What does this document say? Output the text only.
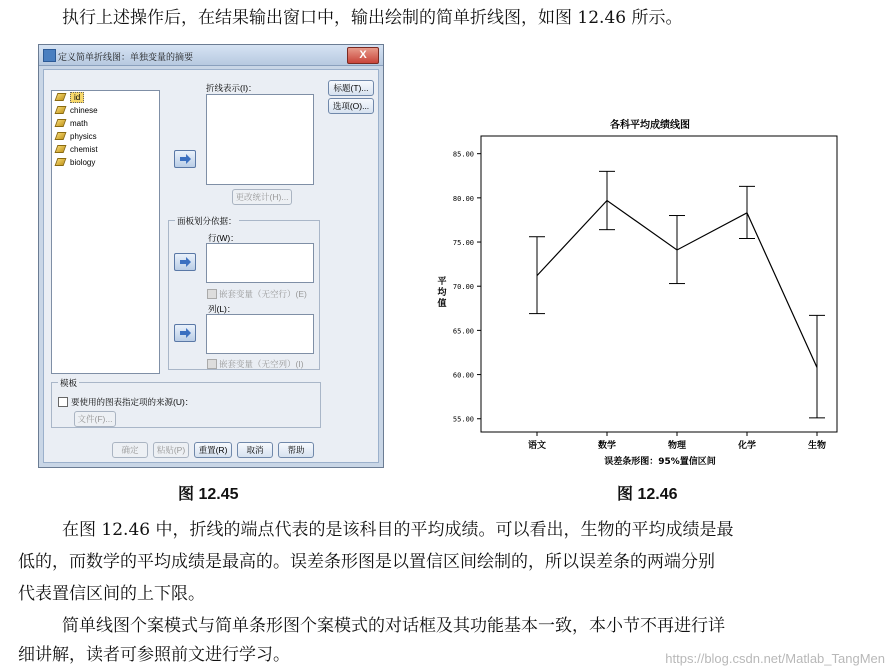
执行上述操作后，在结果输出窗口中，输出绘制的简单折线图，如图 12.46 所示。
定义简单折线图：单独变量的摘要	X
id
chinese
math
physics
chemist
biology
折线表示(I)：
更改统计(H)...
标题(T)...
选项(O)...
面板划分依据：
行(W)：
嵌套变量（无空行）(E)
列(L)：
嵌套变量（无空列）(I)
模板
要使用的图表指定项的来源(U)：
文件(F)...
确定	粘贴(P)	重置(R)	取消	帮助
图 12.45
各科平均成绩线图
55.00
60.00
65.00
70.00
75.00
80.00
85.00
语文	数学	物理	化学	生物
平均值
误差条形图：95%置信区间
图 12.46
在图 12.46 中，折线的端点代表的是该科目的平均成绩。可以看出，生物的平均成绩是最
低的，而数学的平均成绩是最高的。误差条形图是以置信区间绘制的，所以误差条的两端分别
代表置信区间的上下限。
简单线图个案模式与简单条形图个案模式的对话框及其功能基本一致，本小节不再进行详
细讲解，读者可参照前文进行学习。	https://blog.csdn.net/Matlab_TangMen
